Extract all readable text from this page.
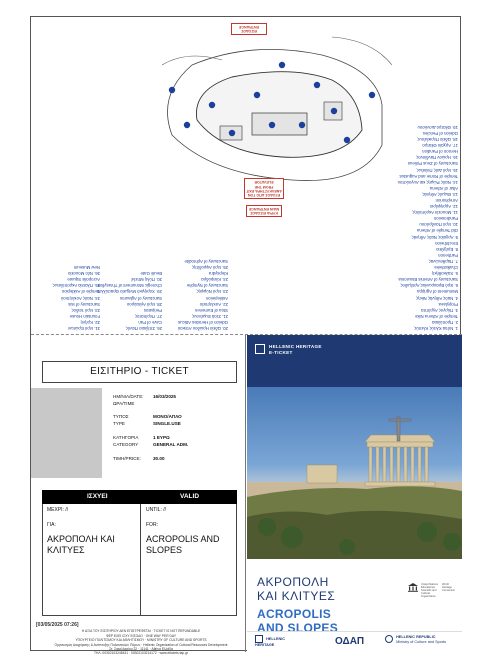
1. Νότια Κλιτύς Κλειτύς
2. Προπύλαια
Temple of Athena Nike
3. Πύργος Αγρίππα
Propylaea
4. Ναός Αθηνάς Νίκης
Monument of Agrippa
5. Ιερό Βραυρωνίας Αρτέμιδος
Sanctuary of Artemis Brauronia
6. Χαλκοθήκη
Chalkotheke
7. Παρθενώνας
Parthenon
8. Ερέχθειο
Erechtheion
9. Αρχαίος Ναός Αθηνάς
Old Temple of Athena
10. Ιερό Πανδρόσου
Pandroseion
11. Μουσείο Ακρόπολης
12. Αρρηφόριο
Arrephorion
13. Βωμός Αθηνάς
Altar of Athena
14. Ναός Ρώμης και Αυγούστου
Temple of Rome and Augustus
15. Ιερό Διός Πολιέως
Sanctuary of Zeus Polieus
16. Ηρώον Πανδίονος
Heroon of Pandion
17. Αρχαίο Θέατρο
18. Ωδείο Περικλέους
Odeion of Pericles
19. Θέατρο Διονύσου
20. Ωδείο Ηρώδου Αττικού
Odeion of Herodes Atticus
21. Στοά Ευμένους
Stoa of Eumenes
22. Ασκληπιείο
Asklepieion
23. Ιερό Νύμφης
Sanctuary of Nymphe
24. Κλεψύδρα
Klepsydra
25. Ιερό Αφροδίτης
Sanctuary of Aphrodite
26. Σπήλαιο Πανός
Cave of Pan
27. Περίπατος
Peripatos
28. Ιερό Αγλαύρου
Sanctuary of Aglauros
29. Χορηγικό Μνημείο Θρασύλλου
Choregic Monument of Thrasyllos
30. Πύλη Μπελέ
Beulé Gate
31. Ιερό Ερώτων
32. Κρήνη
Fountain House
33. Ιερό Ίσιδος
Sanctuary of Isis
34. Ναός Ασκληπιού
Temple of Asklepios
35. Πλατεία Ακροπόλεως
Acropolis Square
36. Νέο Μουσείο
New Museum
ΚΥΡΙΑ ΕΙΣΟΔΟΣ MAIN ENTRANCE
ΕΙΣΟΔΟΣ ENTRANCE
ΕΞΟΔΟΣ ΑΠΟ ΤΟΝ ΑΝΕΛΚΥΣΤΗΡΑ EXIT FROM THE ELEVATOR
ΕΙΣΙΤΗΡΙΟ - TICKET
ΗΜ/ΝΙΑ/DATE:	16/03/2025
ΩΡΑ/TIME
ΤΥΠΟΣ	ΜΟΝΟ/ΑΠΛΟ
TYPE	SINGLE.USE
ΚΑΤΗΓΟΡΙΑ	1 ΕΥΡΩ
CATEGORY	GENERAL ADM.
ΤΙΜΗ/PRICE:	30.00
ΙΣΧΥΕΙ	VALID
ΜΕΧΡΙ: //
ΓΙΑ:
ΑΚΡΟΠΟΛΗ ΚΑΙ ΚΛΙΤΥΕΣ
UNTIL: //
FOR:
ACROPOLIS AND SLOPES
[03/05/2025 07:26]
Η ΑΞΙΑ ΤΟΥ ΕΙΣΙΤΗΡΙΟΥ ΔΕΝ ΕΠΙΣΤΡΕΦΕΤΑΙ · TICKET IS NOT REFUNDABLE
ΦΕΡ ΕΧΕΙ ΙΣΧΥ ΕΙΣΟΔΟ · ONE WAY PER DAY
ΥΠΟΥΡΓΕΙΟ ΠΟΛΙΤΙΣΜΟΥ ΚΑΙ ΑΘΛΗΤΙΣΜΟΥ · MINISTRY OF CULTURE AND SPORTS
Οργανισμός Διαχείρισης & Ανάπτυξης Πολιτιστικών Πόρων · Hellenic Organization of Cultural Resources Development
Στ. Σακελλαρίου 22 · 11141 · Αθήνα Ελλάδα
ΤΗΛ: 00302103248431 · 00302103214172 · www.etickets.tap.gr
HELLENIC HERITAGE
E-TICKET
ΑΚΡΟΠΟΛΗ
ΚΑΙ ΚΛΙΤΥΕΣ
ACROPOLIS
AND SLOPES
United Nations Educational, Scientific and Cultural Organization
World Heritage Convention
HELLENIC HERITAGE	ΟΔΑΠ
	HELLENIC REPUBLIC
Ministry of Culture and Sports
